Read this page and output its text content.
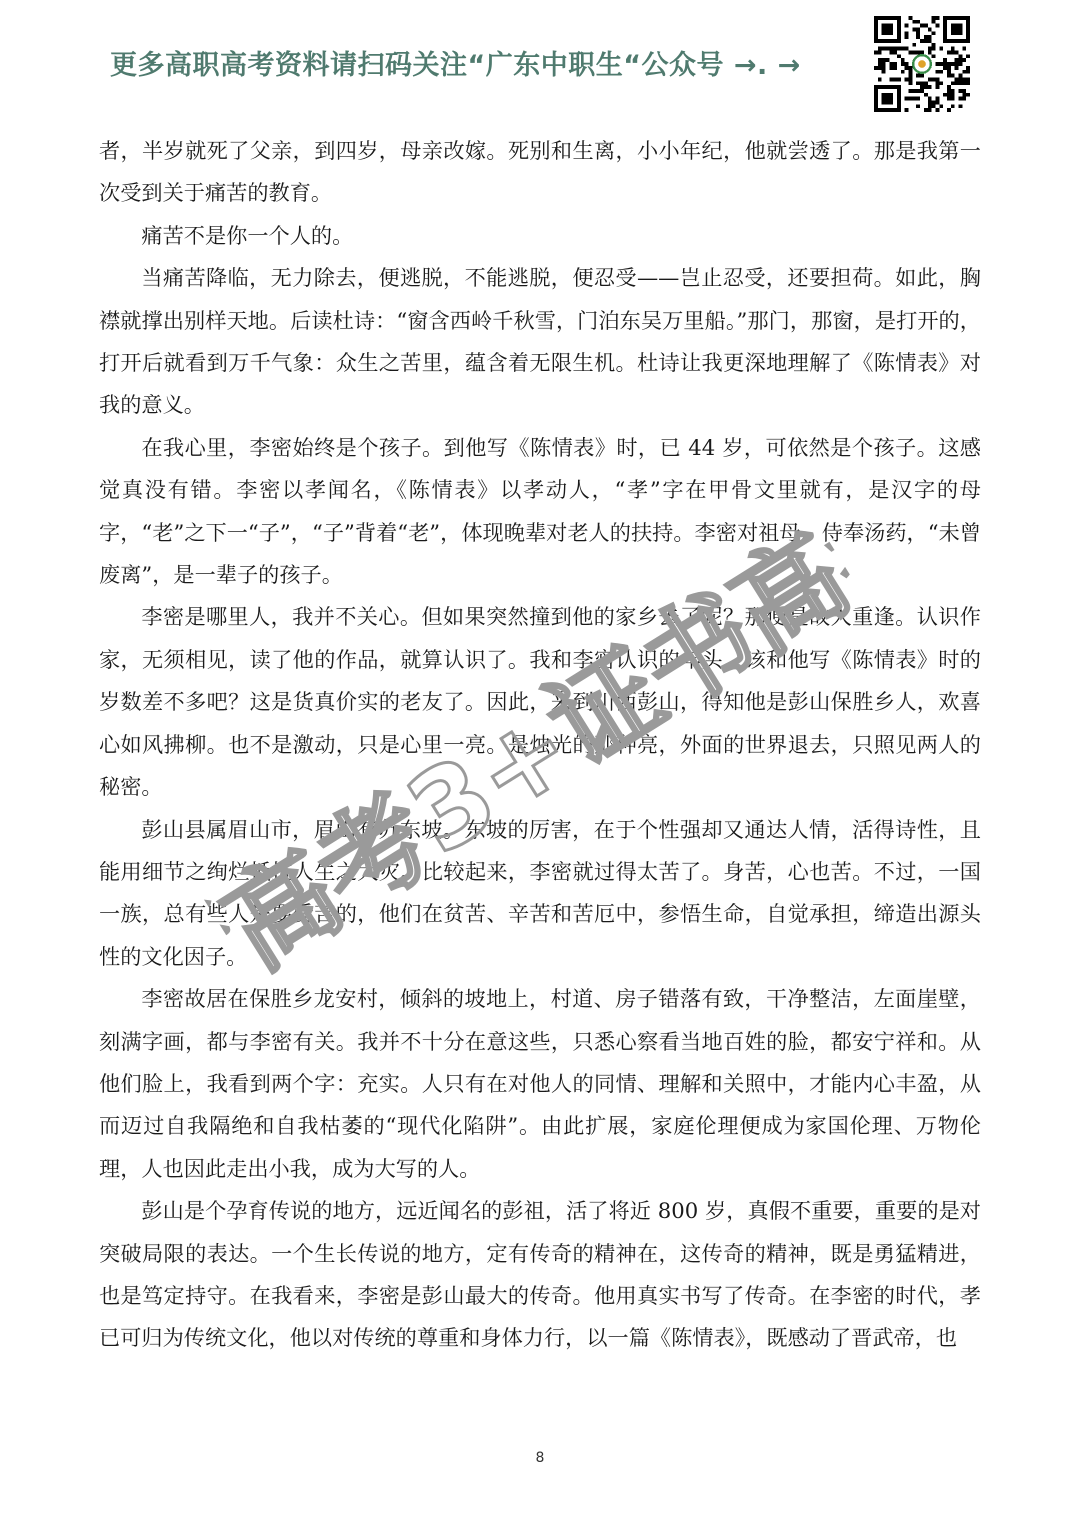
更多高职高考资料请扫码关注“广东中职生“公众号 →. →

者，半岁就死了父亲，到四岁，母亲改嫁。死别和生离，小小年纪，他就尝透了。那是我第一次受到关于痛苦的教育。

痛苦不是你一个人的。

当痛苦降临，无力除去，便逃脱，不能逃脱，便忍受——岂止忍受，还要担荷。如此，胸襟就撑出别样天地。后读杜诗：“窗含西岭千秋雪，门泊东吴万里船。”那门，那窗，是打开的，打开后就看到万千气象：众生之苦里，蕴含着无限生机。杜诗让我更深地理解了《陈情表》对我的意义。

在我心里，李密始终是个孩子。到他写《陈情表》时，已 44 岁，可依然是个孩子。这感觉真没有错。李密以孝闻名，《陈情表》以孝动人，“孝”字在甲骨文里就有，是汉字的母字，“老”之下一“子”，“子”背着“老”，体现晚辈对老人的扶持。李密对祖母，侍奉汤药，“未曾废离”，是一辈子的孩子。

李密是哪里人，我并不关心。但如果突然撞到他的家乡去了呢？那便是故人重逢。认识作家，无须相见，读了他的作品，就算认识了。我和李密认识的年头，该和他写《陈情表》时的岁数差不多吧？这是货真价实的老友了。因此，来到川西彭山，得知他是彭山保胜乡人，欢喜心如风拂柳。也不是激动，只是心里一亮。是烛光的那种亮，外面的世界退去，只照见两人的秘密。

彭山县属眉山市，眉山有苏东坡。东坡的厉害，在于个性强却又通达人情，活得诗性，且能用细节之绚烂抵抗人生之大灾。比较起来，李密就过得太苦了。身苦，心也苦。不过，一国一族，总有些人是要受苦的，他们在贫苦、辛苦和苦厄中，参悟生命，自觉承担，缔造出源头性的文化因子。

李密故居在保胜乡龙安村，倾斜的坡地上，村道、房子错落有致，干净整洁，左面崖壁，刻满字画，都与李密有关。我并不十分在意这些，只悉心察看当地百姓的脸，都安宁祥和。从他们脸上，我看到两个字：充实。人只有在对他人的同情、理解和关照中，才能内心丰盈，从而迈过自我隔绝和自我枯萎的“现代化陷阱”。由此扩展，家庭伦理便成为家国伦理、万物伦理，人也因此走出小我，成为大写的人。

彭山是个孕育传说的地方，远近闻名的彭祖，活了将近 800 岁，真假不重要，重要的是对突破局限的表达。一个生长传说的地方，定有传奇的精神在，这传奇的精神，既是勇猛精进，也是笃定持守。在我看来，李密是彭山最大的传奇。他用真实书写了传奇。在李密的时代，孝已可归为传统文化，他以对传统的尊重和身体力行，以一篇《陈情表》，既感动了晋武帝，也

新高考3+证书高考
8
